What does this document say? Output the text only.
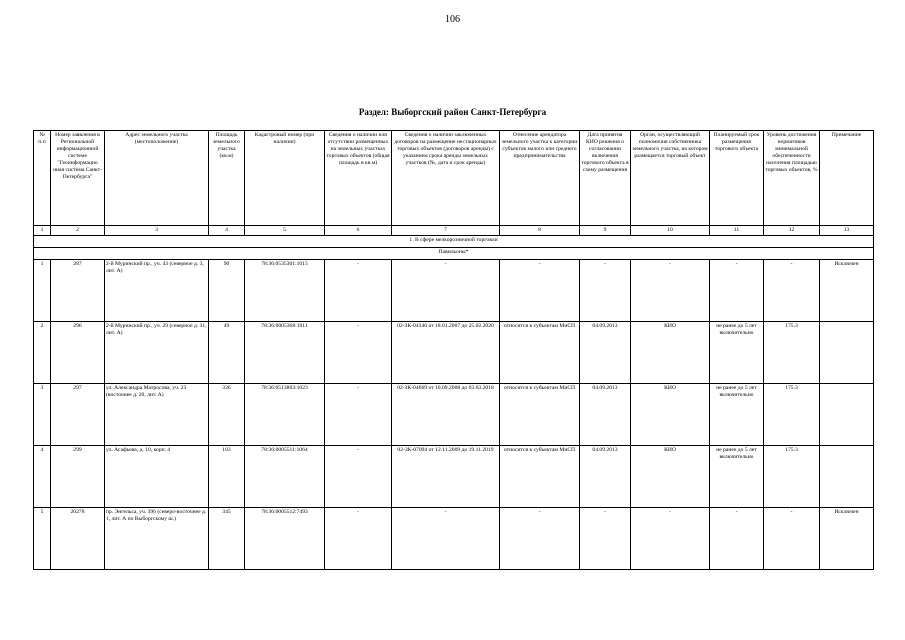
106
Раздел: Выборгский район Санкт-Петербурга
№ п.п	Номер заявления в Региональной информационной системе "Геоинформацио нная система Санкт-Петербурга"	Адрес земельного участка (местоположение)	Площадь земельного участка (кв.м)	Кадастровый номер (при наличии)	Сведения о наличии или отсутствии размещенных на земельных участках торговых объектов (общая площадь в кв.м)	Сведения о наличии заключенных договоров на размещение нестационарных торговых объектов (договоров аренды) с указанием срока аренды земельных участков (№, дата и срок аренды)	Отнесение арендатора земельного участка к категории субъектов малого или среднего предпринимательства	Дата принятия КИО решения о согласовании включения торгового объекта в схему размещения	Орган, осуществляющий полномочия собственника земельного участка, на котором размещается торговый объект	Планируемый срок размещения торгового объекта	Уровень достижения нормативов минимальной обеспеченности населения площадью торговых объектов, %	Примечание
1	2	3	4	5	6	7	8	9	10	11	12	13
1. В сфере мелкорозничной торговли												
Павильоны*												
1	287	2-й Муринский пр., уч. 43 (северное д. 3, лит. А)	90	78:36:0535301:1015	-	-	-	-	-	-	-	Исключен
2	296	2-й Муринский пр., уч. 29 (северное д. 31, лит. А)	49	78:36:0005368:1011	-	02-ЗК-04346 от 18.01.2007 до 25.02.2020	относится к субъектам МиСП	04.09.2013	КИО	не ранее до 5 лет включительно	175.3	
3	297	ул. Александра Матросова, уч. 23 (восточнее д. 20, лит. А)	336	78:36:0513803:1023	-	02-ЗК-04669 от 10.09.2008 до 03.03.2018	относится к субъектам МиСП	04.09.2013	КИО	не ранее до 5 лет включительно	175.3	
4	299	ул. Асафьева, д. 10, корп. 4	103	78:36:0005511:1064	-	02-ЗК-07094 от 12.11.2009 до 19.11.2019	относится к субъектам МиСП	04.09.2013	КИО	не ранее до 5 лет включительно	175.3	
5	20278	пр. Энгельса, уч. 396 (северо-восточнее д. 1, лит. А по Выборгскому ш.)	345	78:36:0005512:7493	-	-	-	-	-	-	-	Исключен
